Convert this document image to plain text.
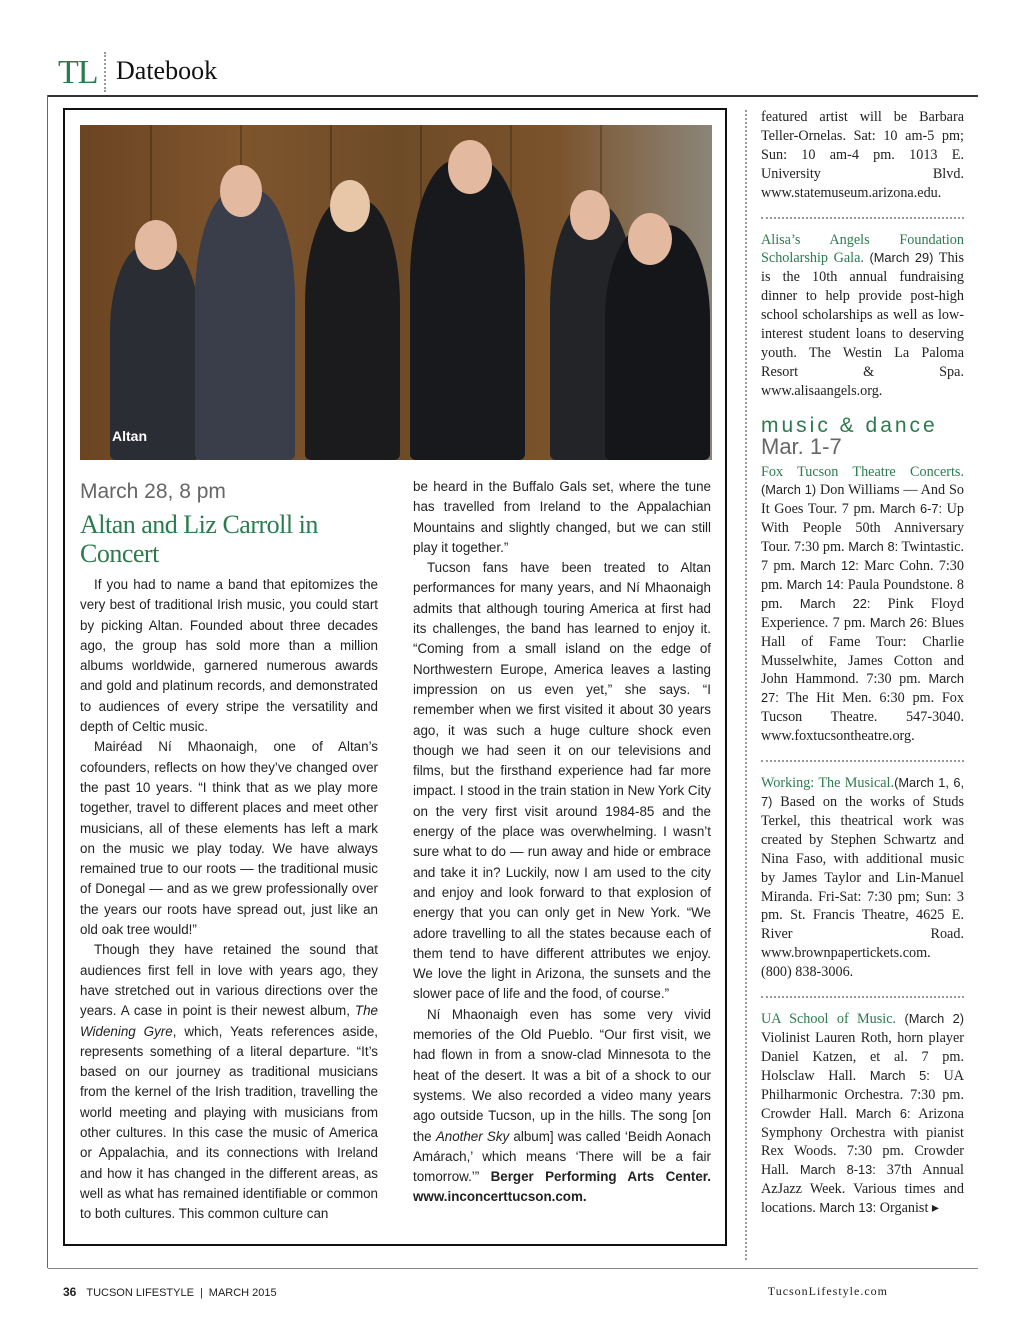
TL Datebook
Altan
March 28, 8 pm
Altan and Liz Carroll in Concert

If you had to name a band that epitomizes the very best of traditional Irish music, you could start by picking Altan. Founded about three decades ago, the group has sold more than a million albums worldwide, garnered numerous awards and gold and platinum records, and demonstrated to audiences of every stripe the versatility and depth of Celtic music.

Mairéad Ní Mhaonaigh, one of Altan’s cofounders, reflects on how they’ve changed over the past 10 years. “I think that as we play more together, travel to different places and meet other musicians, all of these elements has left a mark on the music we play today. We have always remained true to our roots — the traditional music of Donegal — and as we grew professionally over the years our roots have spread out, just like an old oak tree would!”

Though they have retained the sound that audiences first fell in love with years ago, they have stretched out in various directions over the years. A case in point is their newest album, The Widening Gyre, which, Yeats references aside, represents something of a literal departure. “It’s based on our journey as traditional musicians from the kernel of the Irish tradition, travelling the world meeting and playing with musicians from other cultures. In this case the music of America or Appalachia, and its connections with Ireland and how it has changed in the different areas, as well as what has remained identifiable or common to both cultures. This common culture can

be heard in the Buffalo Gals set, where the tune has travelled from Ireland to the Appalachian Mountains and slightly changed, but we can still play it together.”

Tucson fans have been treated to Altan performances for many years, and Ní Mhaonaigh admits that although touring America at first had its challenges, the band has learned to enjoy it. “Coming from a small island on the edge of Northwestern Europe, America leaves a lasting impression on us even yet,” she says. “I remember when we first visited it about 30 years ago, it was such a huge culture shock even though we had seen it on our televisions and films, but the firsthand experience had far more impact. I stood in the train station in New York City on the very first visit around 1984-85 and the energy of the place was overwhelming. I wasn’t sure what to do — run away and hide or embrace and take it in? Luckily, now I am used to the city and enjoy and look forward to that explosion of energy that you can only get in New York. “We adore travelling to all the states because each of them tend to have different attributes we enjoy. We love the light in Arizona, the sunsets and the slower pace of life and the food, of course.”

Ní Mhaonaigh even has some very vivid memories of the Old Pueblo. “Our first visit, we had flown in from a snow-clad Minnesota to the heat of the desert. It was a bit of a shock to our systems. We also recorded a video many years ago outside Tucson, up in the hills. The song [on the Another Sky album] was called ‘Beidh Aonach Amárach,’ which means ‘There will be a fair tomorrow.’” Berger Performing Arts Center. www.inconcerttucson.com.

featured artist will be Barbara Teller-Ornelas. Sat: 10 am-5 pm; Sun: 10 am-4 pm. 1013 E. University Blvd. www.statemuseum.arizona.edu.

Alisa’s Angels Foundation Scholarship Gala. (March 29) This is the 10th annual fundraising dinner to help provide post-high school scholarships as well as low-interest student loans to deserving youth. The Westin La Paloma Resort & Spa. www.alisaangels.org.

music & dance
Mar. 1-7

Fox Tucson Theatre Concerts. (March 1) Don Williams — And So It Goes Tour. 7 pm. March 6-7: Up With People 50th Anniversary Tour. 7:30 pm. March 8: Twintastic. 7 pm. March 12: Marc Cohn. 7:30 pm. March 14: Paula Poundstone. 8 pm. March 22: Pink Floyd Experience. 7 pm. March 26: Blues Hall of Fame Tour: Charlie Musselwhite, James Cotton and John Hammond. 7:30 pm. March 27: The Hit Men. 6:30 pm. Fox Tucson Theatre. 547-3040. www.foxtucsontheatre.org.

Working: The Musical.(March 1, 6, 7) Based on the works of Studs Terkel, this theatrical work was created by Stephen Schwartz and Nina Faso, with additional music by James Taylor and Lin-Manuel Miranda. Fri-Sat: 7:30 pm; Sun: 3 pm. St. Francis Theatre, 4625 E. River Road. www.brownpapertickets.com. (800) 838-3006.

UA School of Music. (March 2) Violinist Lauren Roth, horn player Daniel Katzen, et al. 7 pm. Holsclaw Hall. March 5: UA Philharmonic Orchestra. 7:30 pm. Crowder Hall. March 6: Arizona Symphony Orchestra with pianist Rex Woods. 7:30 pm. Crowder Hall. March 8-13: 37th Annual AzJazz Week. Various times and locations. March 13: Organist ▸

36 TUCSON LIFESTYLE | MARCH 2015	TucsonLifestyle.com
